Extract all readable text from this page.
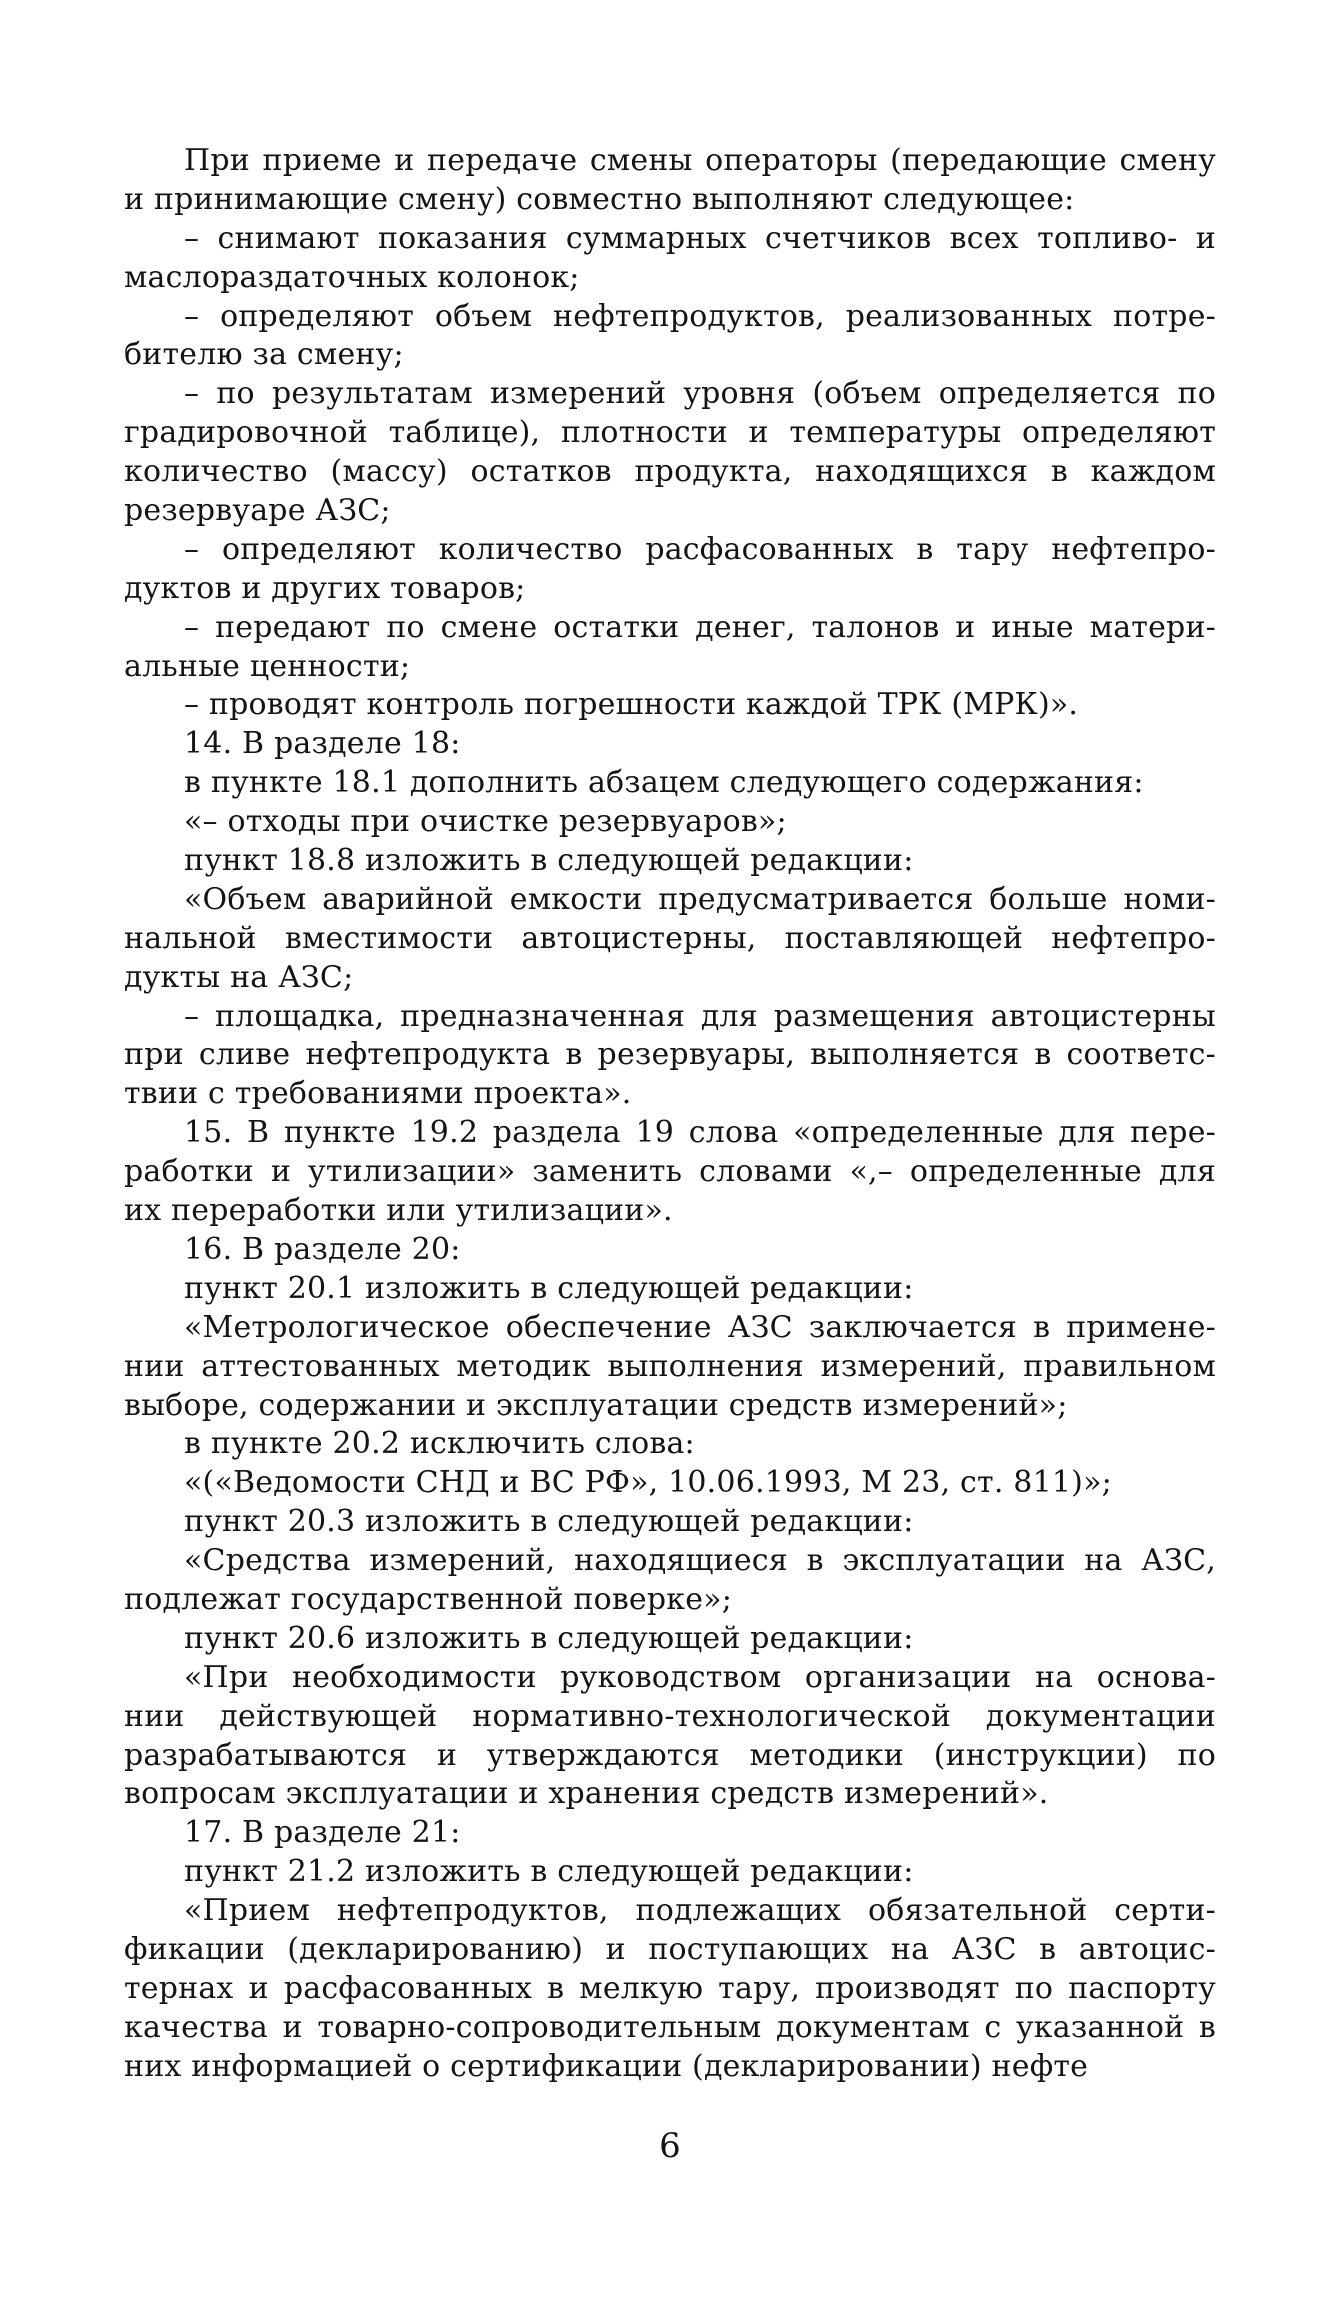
При приеме и передаче смены операторы (передающие смену
и принимающие смену) совместно выполняют следующее:
– снимают показания суммарных счетчиков всех топливо- и
маслораздаточных колонок;
– определяют объем нефтепродуктов, реализованных потре-
бителю за смену;
– по результатам измерений уровня (объем определяется по
градировочной таблице), плотности и температуры определяют
количество (массу) остатков продукта, находящихся в каждом
резервуаре АЗС;
– определяют количество расфасованных в тару нефтепро-
дуктов и других товаров;
– передают по смене остатки денег, талонов и иные матери-
альные ценности;
– проводят контроль погрешности каждой ТРК (МРК)».
14. В разделе 18:
в пункте 18.1 дополнить абзацем следующего содержания:
«– отходы при очистке резервуаров»;
пункт 18.8 изложить в следующей редакции:
«Объем аварийной емкости предусматривается больше номи-
нальной вместимости автоцистерны, поставляющей нефтепро-
дукты на АЗС;
– площадка, предназначенная для размещения автоцистерны
при сливе нефтепродукта в резервуары, выполняется в соответс-
твии с требованиями проекта».
15. В пункте 19.2 раздела 19 слова «определенные для пере-
работки и утилизации» заменить словами «,– определенные для
их переработки или утилизации».
16. В разделе 20:
пункт 20.1 изложить в следующей редакции:
«Метрологическое обеспечение АЗС заключается в примене-
нии аттестованных методик выполнения измерений, правильном
выборе, содержании и эксплуатации средств измерений»;
в пункте 20.2 исключить слова:
«(«Ведомости СНД и ВС РФ», 10.06.1993, М 23, ст. 811)»;
пункт 20.3 изложить в следующей редакции:
«Средства измерений, находящиеся в эксплуатации на АЗС,
подлежат государственной поверке»;
пункт 20.6 изложить в следующей редакции:
«При необходимости руководством организации на основа-
нии действующей нормативно-технологической документации
разрабатываются и утверждаются методики (инструкции) по
вопросам эксплуатации и хранения средств измерений».
17. В разделе 21:
пункт 21.2 изложить в следующей редакции:
«Прием нефтепродуктов, подлежащих обязательной серти-
фикации (декларированию) и поступающих на АЗС в автоцис-
тернах и расфасованных в мелкую тару, производят по паспорту
качества и товарно-сопроводительным документам с указанной в
них информацией о сертификации (декларировании) нефте
6
